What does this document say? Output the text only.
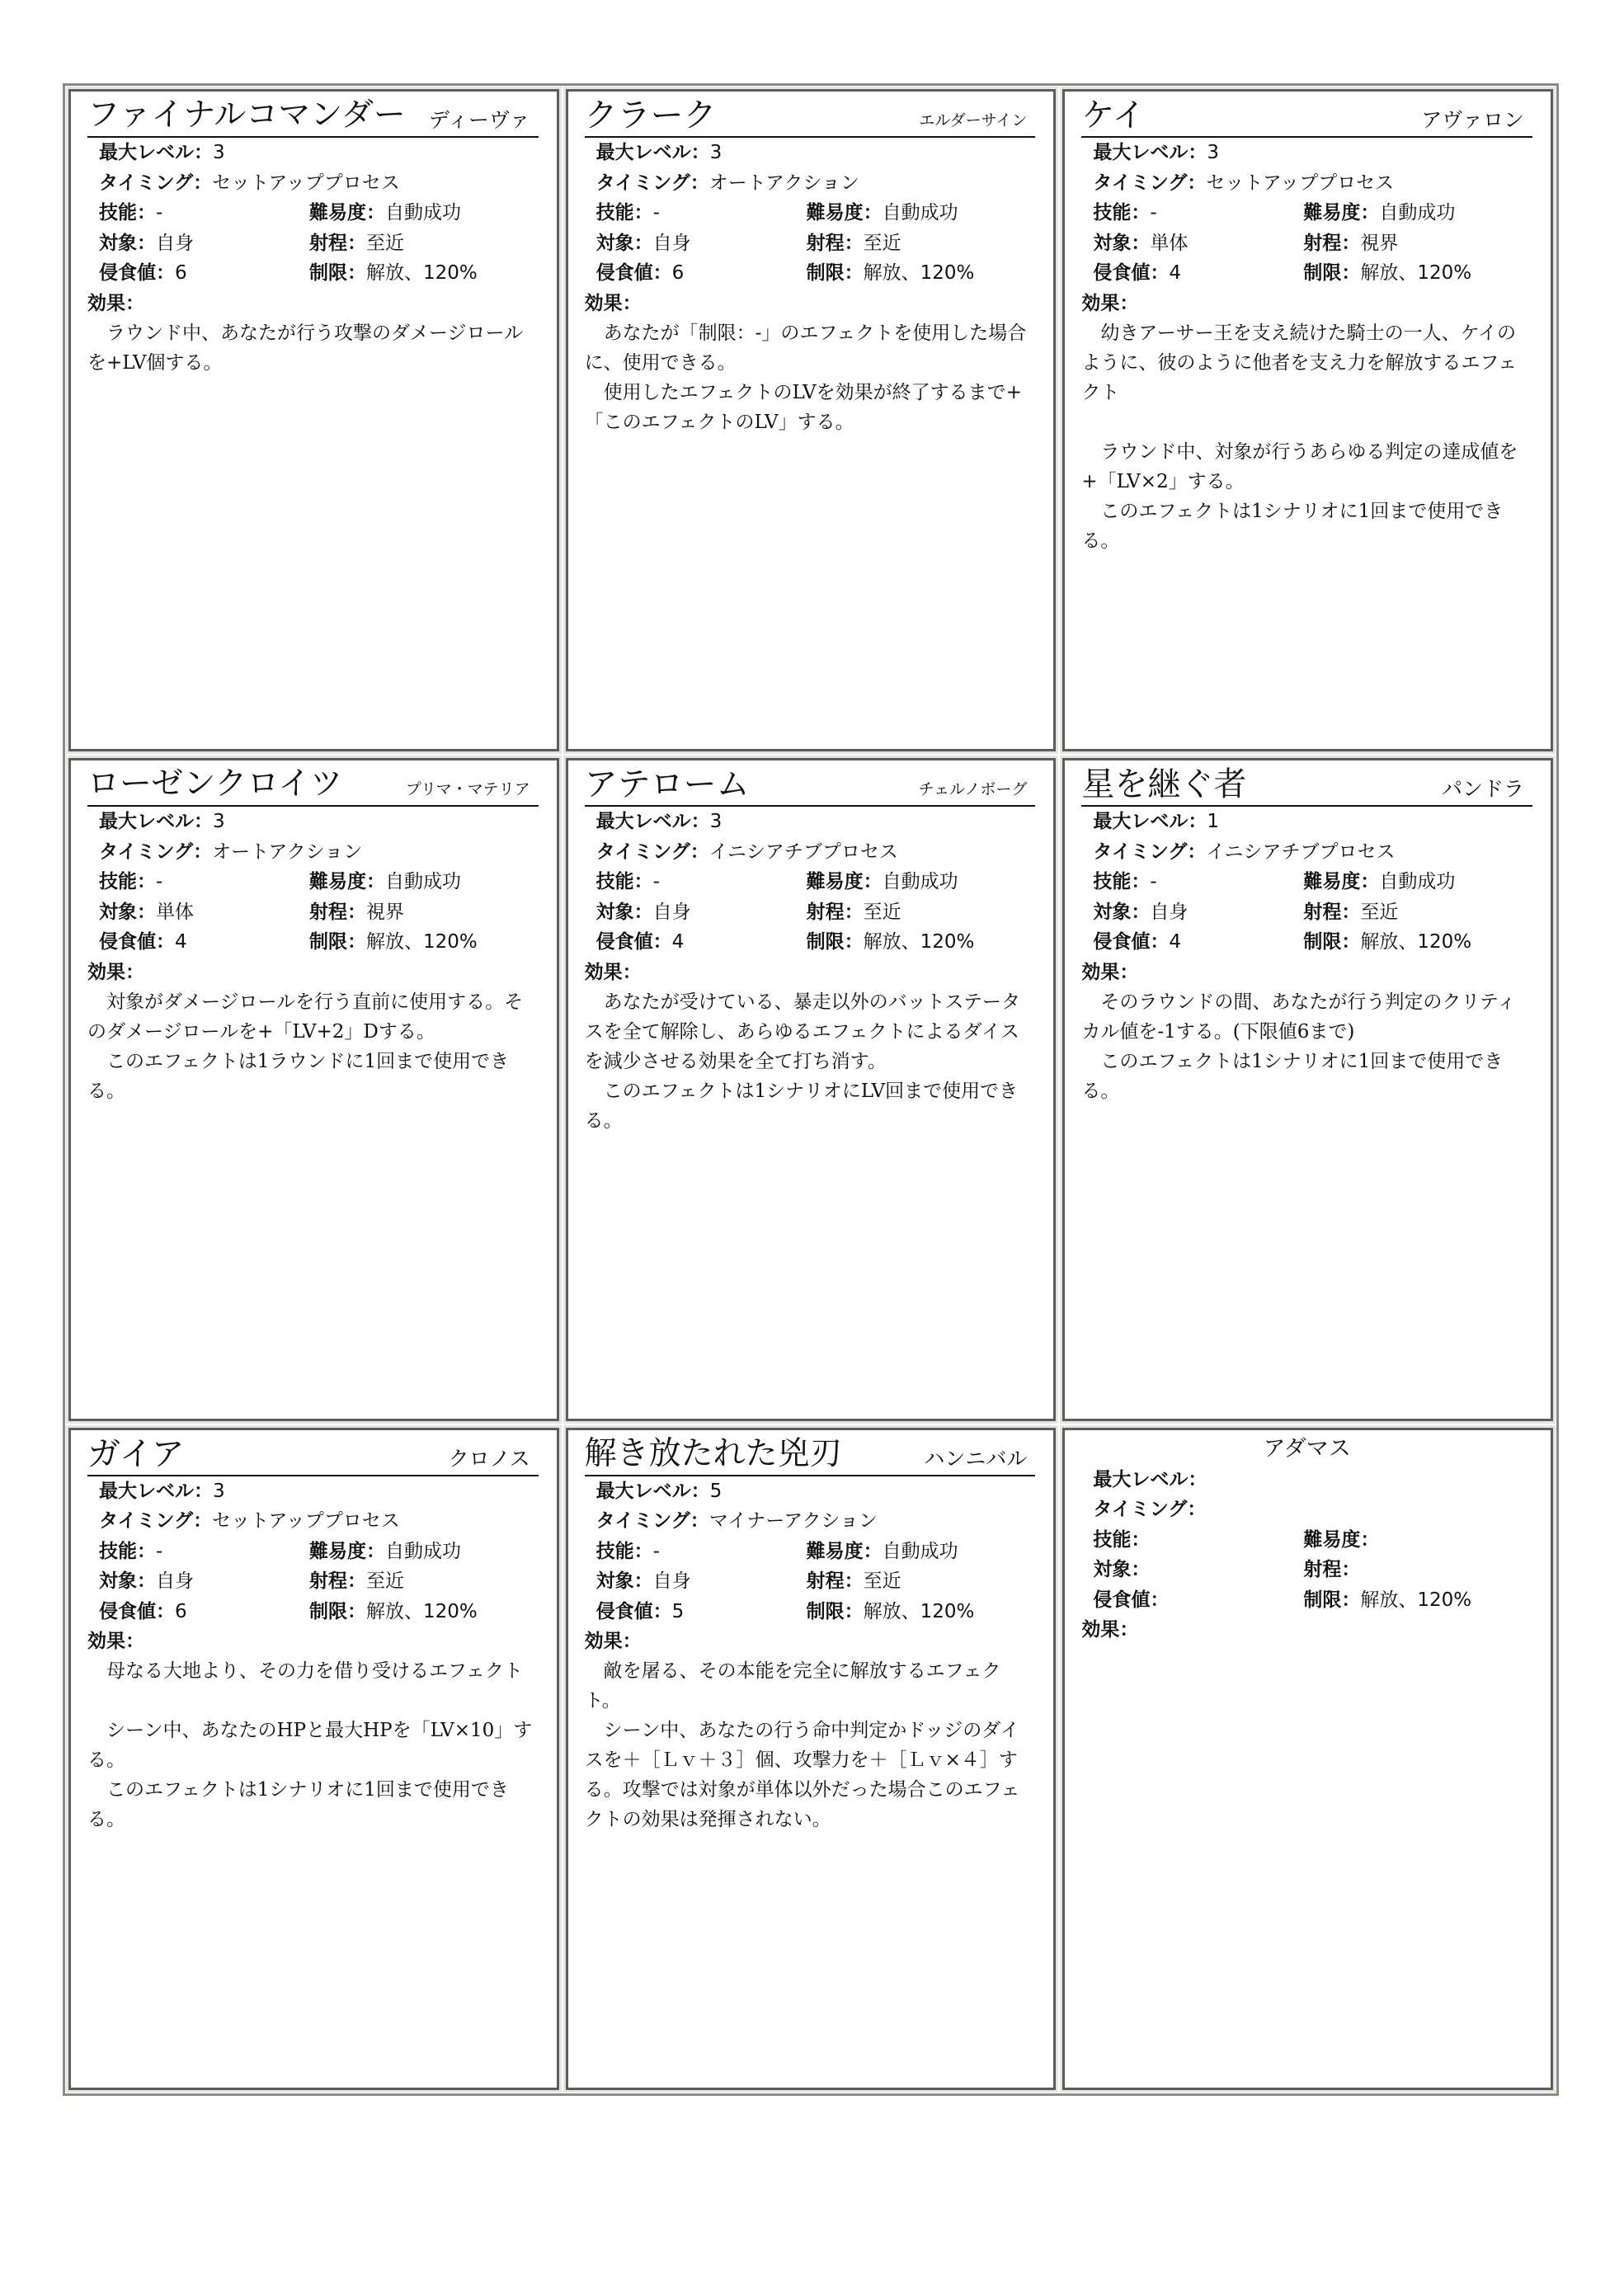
ファイナルコマンダー ディーヴァ
最大レベル：3
タイミング：セットアッププロセス
技能：-	難易度：自動成功
対象：自身	射程：至近
侵食値：6	制限：解放、120%
効果：

　ラウンド中、あなたが行う攻撃のダメージロールを+LV個する。

クラーク	エルダーサイン
最大レベル：3
タイミング：オートアクション
技能：-	難易度：自動成功
対象：自身	射程：至近
侵食値：6	制限：解放、120%
効果：

　あなたが「制限：-」のエフェクトを使用した場合に、使用できる。

　使用したエフェクトのLVを効果が終了するまで+「このエフェクトのLV」する。

ケイ	アヴァロン
最大レベル：3
タイミング：セットアッププロセス
技能：-	難易度：自動成功
対象：単体	射程：視界
侵食値：4	制限：解放、120%
効果：

　幼きアーサー王を支え続けた騎士の一人、ケイのように、彼のように他者を支え力を解放するエフェクト

　ラウンド中、対象が行うあらゆる判定の達成値を+「LV×2」する。

　このエフェクトは1シナリオに1回まで使用できる。

ローゼンクロイツ	プリマ・マテリア
最大レベル：3
タイミング：オートアクション
技能：-	難易度：自動成功
対象：単体	射程：視界
侵食値：4	制限：解放、120%
効果：

　対象がダメージロールを行う直前に使用する。そのダメージロールを+「LV+2」Dする。

　このエフェクトは1ラウンドに1回まで使用できる。

アテローム	チェルノボーグ
最大レベル：3
タイミング：イニシアチブプロセス
技能：-	難易度：自動成功
対象：自身	射程：至近
侵食値：4	制限：解放、120%
効果：

　あなたが受けている、暴走以外のバットステータスを全て解除し、あらゆるエフェクトによるダイスを減少させる効果を全て打ち消す。

　このエフェクトは1シナリオにLV回まで使用できる。

星を継ぐ者	パンドラ
最大レベル：1
タイミング：イニシアチブプロセス
技能：-	難易度：自動成功
対象：自身	射程：至近
侵食値：4	制限：解放、120%
効果：

　そのラウンドの間、あなたが行う判定のクリティカル値を-1する。(下限値6まで)

　このエフェクトは1シナリオに1回まで使用できる。

ガイア	クロノス
最大レベル：3
タイミング：セットアッププロセス
技能：-	難易度：自動成功
対象：自身	射程：至近
侵食値：6	制限：解放、120%
効果：

　母なる大地より、その力を借り受けるエフェクト

　シーン中、あなたのHPと最大HPを「LV×10」する。

　このエフェクトは1シナリオに1回まで使用できる。

解き放たれた兇刃	ハンニバル
最大レベル：5
タイミング：マイナーアクション
技能：-	難易度：自動成功
対象：自身	射程：至近
侵食値：5	制限：解放、120%
効果：

　敵を屠る、その本能を完全に解放するエフェクト。

　シーン中、あなたの行う命中判定かドッジのダイスを＋［Ｌｖ＋３］個、攻撃力を＋［Ｌｖ×４］する。攻撃では対象が単体以外だった場合このエフェクトの効果は発揮されない。

アダマス
最大レベル：
タイミング：
技能：	難易度：
対象：	射程：
侵食値：	制限：解放、120%
効果：
